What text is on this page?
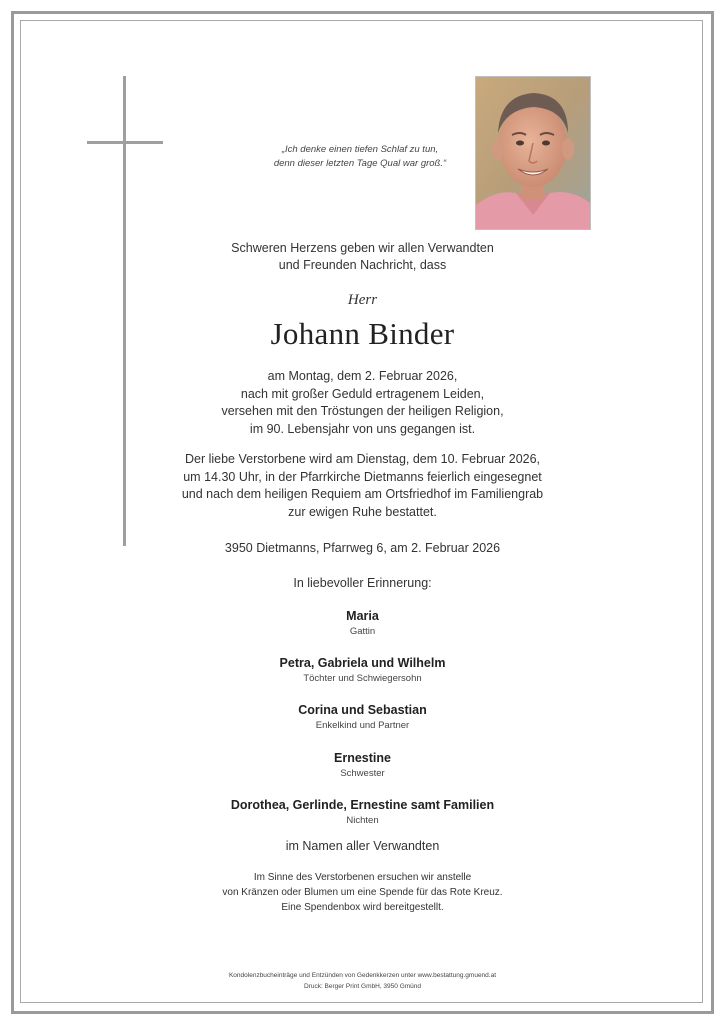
„Ich denke einen tiefen Schlaf zu tun,
denn dieser letzten Tage Qual war groß.“
Schweren Herzens geben wir allen Verwandten
und Freunden Nachricht, dass
Herr
Johann Binder
am Montag, dem 2. Februar 2026,
nach mit großer Geduld ertragenem Leiden,
versehen mit den Tröstungen der heiligen Religion,
im 90. Lebensjahr von uns gegangen ist.
Der liebe Verstorbene wird am Dienstag, dem 10. Februar 2026,
um 14.30 Uhr, in der Pfarrkirche Dietmanns feierlich eingesegnet
und nach dem heiligen Requiem am Ortsfriedhof im Familiengrab
zur ewigen Ruhe bestattet.
3950 Dietmanns, Pfarrweg 6, am 2. Februar 2026
In liebevoller Erinnerung:
Maria
Gattin
Petra, Gabriela und Wilhelm
Töchter und Schwiegersohn
Corina und Sebastian
Enkelkind und Partner
Ernestine
Schwester
Dorothea, Gerlinde, Ernestine samt Familien
Nichten
im Namen aller Verwandten
Im Sinne des Verstorbenen ersuchen wir anstelle
von Kränzen oder Blumen um eine Spende für das Rote Kreuz.
Eine Spendenbox wird bereitgestellt.
Kondolenzbucheinträge und Entzünden von Gedenkkerzen unter www.bestattung.gmuend.at
Druck: Berger Print GmbH, 3950 Gmünd
